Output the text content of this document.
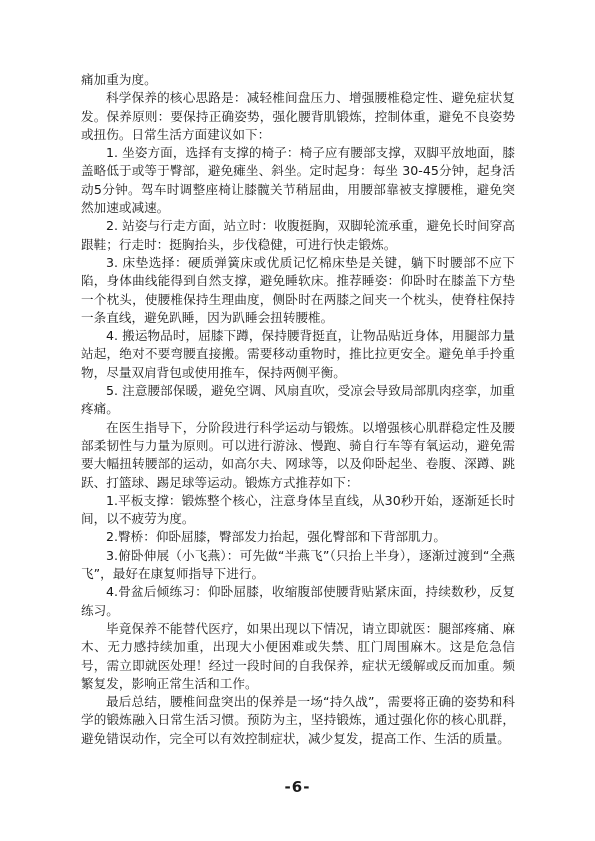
痛加重为度。

科学保养的核心思路是：减轻椎间盘压力、增强腰椎稳定性、避免症状复发。保养原则：要保持正确姿势，强化腰背肌锻炼，控制体重，避免不良姿势或扭伤。日常生活方面建议如下：

1. 坐姿方面，选择有支撑的椅子：椅子应有腰部支撑，双脚平放地面，膝盖略低于或等于臀部，避免瘫坐、斜坐。定时起身：每坐 30-45分钟，起身活动5分钟。驾车时调整座椅让膝髋关节稍屈曲，用腰部靠被支撑腰椎，避免突然加速或减速。

2. 站姿与行走方面，站立时：收腹挺胸，双脚轮流承重，避免长时间穿高跟鞋；行走时：挺胸抬头，步伐稳健，可进行快走锻炼。

3. 床垫选择：硬质弹簧床或优质记忆棉床垫是关键，躺下时腰部不应下陷，身体曲线能得到自然支撑，避免睡软床。推荐睡姿：仰卧时在膝盖下方垫一个枕头，使腰椎保持生理曲度，侧卧时在两膝之间夹一个枕头，使脊柱保持一条直线，避免趴睡，因为趴睡会扭转腰椎。

4. 搬运物品时，屈膝下蹲，保持腰背挺直，让物品贴近身体，用腿部力量站起，绝对不要弯腰直接搬。需要移动重物时，推比拉更安全。避免单手拎重物，尽量双肩背包或使用推车，保持两侧平衡。

5. 注意腰部保暖，避免空调、风扇直吹，受凉会导致局部肌肉痉挛，加重疼痛。

在医生指导下，分阶段进行科学运动与锻炼。以增强核心肌群稳定性及腰部柔韧性与力量为原则。可以进行游泳、慢跑、骑自行车等有氧运动，避免需要大幅扭转腰部的运动，如高尔夫、网球等，以及仰卧起坐、卷腹、深蹲、跳跃、打篮球、踢足球等运动。锻炼方式推荐如下：

1.平板支撑：锻炼整个核心，注意身体呈直线，从30秒开始，逐渐延长时间，以不疲劳为度。

2.臀桥：仰卧屈膝，臀部发力抬起，强化臀部和下背部肌力。

3.俯卧伸展（小飞燕）：可先做“半燕飞”（只抬上半身），逐渐过渡到“全燕飞”，最好在康复师指导下进行。

4.骨盆后倾练习：仰卧屈膝，收缩腹部使腰背贴紧床面，持续数秒，反复练习。

毕竟保养不能替代医疗，如果出现以下情况，请立即就医：腿部疼痛、麻木、无力感持续加重，出现大小便困难或失禁、肛门周围麻木。这是危急信号，需立即就医处理！经过一段时间的自我保养，症状无缓解或反而加重。频繁复发，影响正常生活和工作。

最后总结，腰椎间盘突出的保养是一场“持久战”，需要将正确的姿势和科学的锻炼融入日常生活习惯。预防为主，坚持锻炼，通过强化你的核心肌群，避免错误动作，完全可以有效控制症状，减少复发，提高工作、生活的质量。

-6-
